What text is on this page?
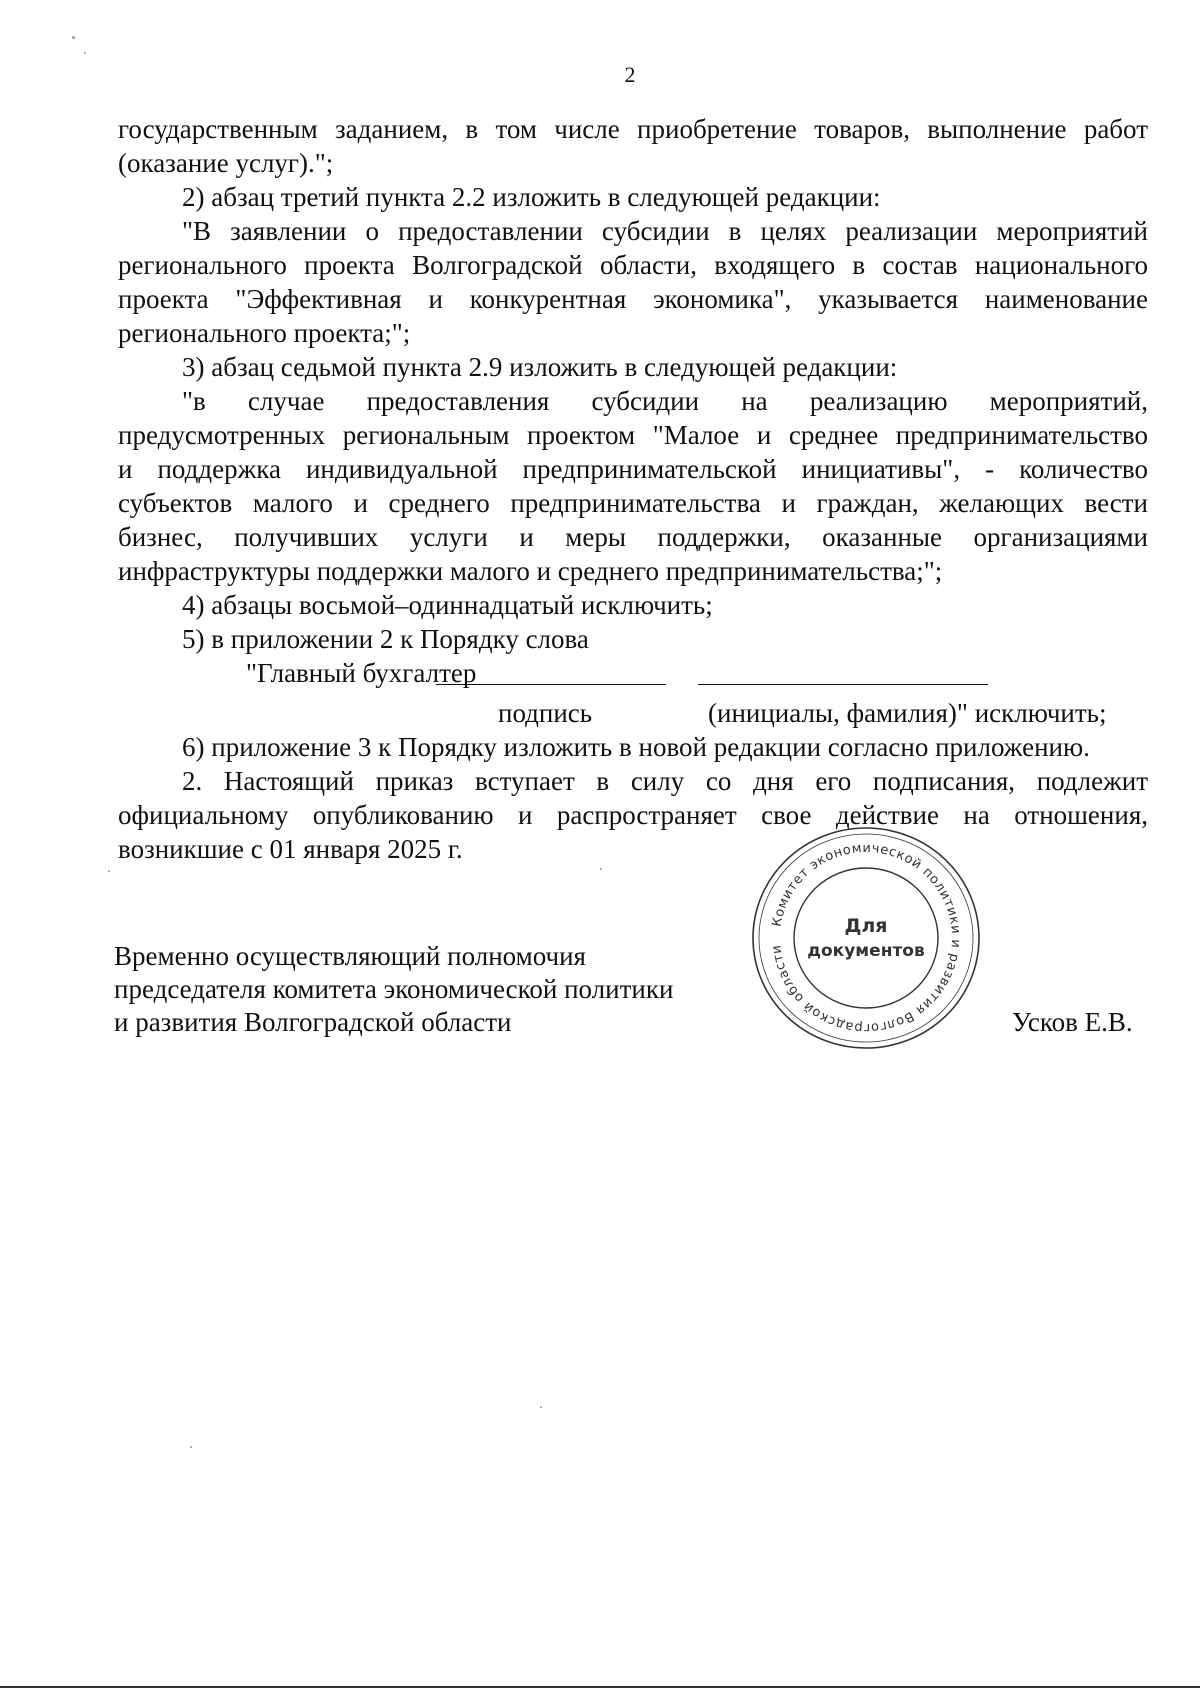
2

государственным заданием, в том числе приобретение товаров, выполнение работ
(оказание услуг).";

2) абзац третий пункта 2.2 изложить в следующей редакции:

"В заявлении о предоставлении субсидии в целях реализации мероприятий
регионального проекта Волгоградской области, входящего в состав национального
проекта "Эффективная и конкурентная экономика", указывается наименование
регионального проекта;";

3) абзац седьмой пункта 2.9 изложить в следующей редакции:

"в случае предоставления субсидии на реализацию мероприятий,
предусмотренных региональным проектом "Малое и среднее предпринимательство
и поддержка индивидуальной предпринимательской инициативы", - количество
субъектов малого и среднего предпринимательства и граждан, желающих вести
бизнес, получивших услуги и меры поддержки, оказанные организациями
инфраструктуры поддержки малого и среднего предпринимательства;";

4) абзацы восьмой–одиннадцатый исключить;

5) в приложении 2 к Порядку слова

"Главный бухгалтер
подпись	(инициалы, фамилия)" исключить;

6) приложение 3 к Порядку изложить в новой редакции согласно приложению.

2. Настоящий приказ вступает в силу со дня его подписания, подлежит
официальному опубликованию и распространяет свое действие на отношения,
возникшие с 01 января 2025 г.

Временно осуществляющий полномочия
председателя комитета экономической политики
и развития Волгоградской области	Усков Е.В.
Комитет экономической политики и развития Волгоградской области
Для
документов
